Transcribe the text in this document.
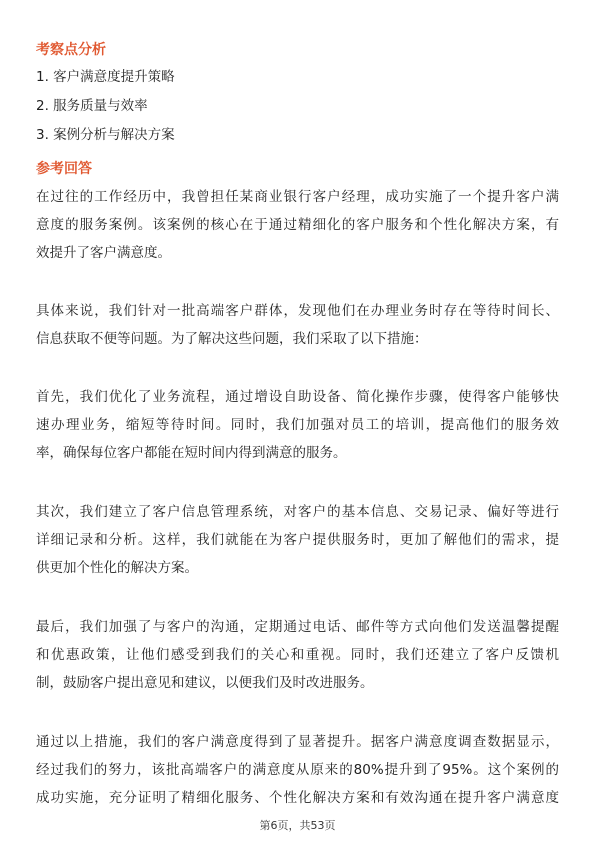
考察点分析
1. 客户满意度提升策略
2. 服务质量与效率
3. 案例分析与解决方案
参考回答
在过往的工作经历中，我曾担任某商业银行客户经理，成功实施了一个提升客户满
意度的服务案例。该案例的核心在于通过精细化的客户服务和个性化解决方案，有
效提升了客户满意度。
具体来说，我们针对一批高端客户群体，发现他们在办理业务时存在等待时间长、
信息获取不便等问题。为了解决这些问题，我们采取了以下措施：
首先，我们优化了业务流程，通过增设自助设备、简化操作步骤，使得客户能够快
速办理业务，缩短等待时间。同时，我们加强对员工的培训，提高他们的服务效
率，确保每位客户都能在短时间内得到满意的服务。
其次，我们建立了客户信息管理系统，对客户的基本信息、交易记录、偏好等进行
详细记录和分析。这样，我们就能在为客户提供服务时，更加了解他们的需求，提
供更加个性化的解决方案。
最后，我们加强了与客户的沟通，定期通过电话、邮件等方式向他们发送温馨提醒
和优惠政策，让他们感受到我们的关心和重视。同时，我们还建立了客户反馈机
制，鼓励客户提出意见和建议，以便我们及时改进服务。
通过以上措施，我们的客户满意度得到了显著提升。据客户满意度调查数据显示，
经过我们的努力，该批高端客户的满意度从原来的80%提升到了95%。这个案例的
成功实施，充分证明了精细化服务、个性化解决方案和有效沟通在提升客户满意度
第6页，共53页
